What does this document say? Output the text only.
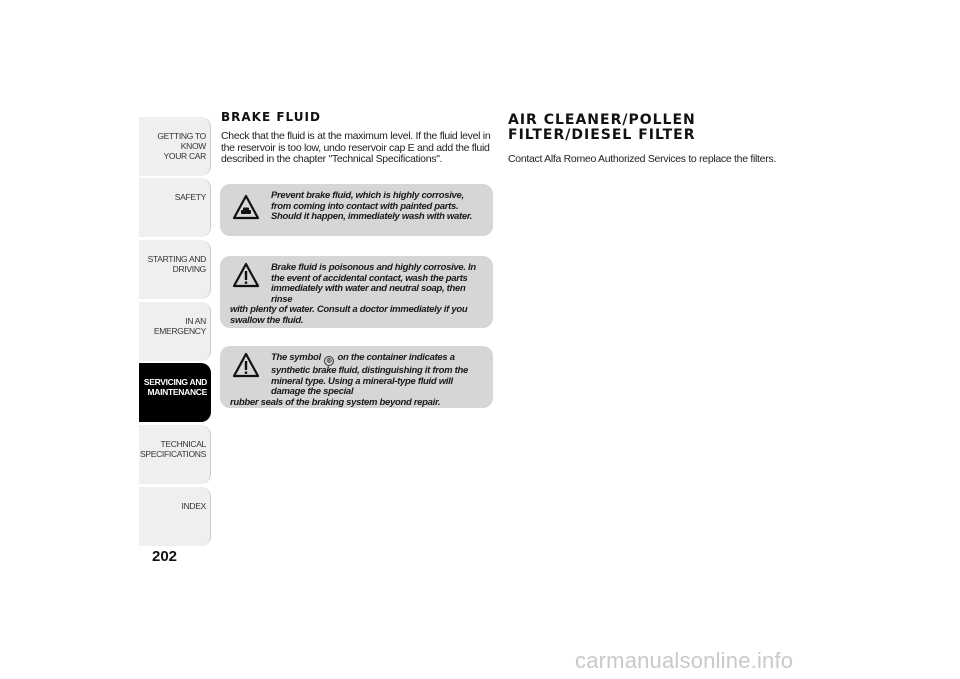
GETTING TO KNOW
YOUR CAR
SAFETY
STARTING AND
DRIVING
IN AN EMERGENCY
SERVICING AND
MAINTENANCE
TECHNICAL
SPECIFICATIONS
INDEX
202
BRAKE FLUID
Check that the fluid is at the maximum level. If the fluid level in the reservoir is too low, undo reservoir cap E and add the fluid described in the chapter "Technical Specifications".
Prevent brake fluid, which is highly corrosive, from coming into contact with painted parts. Should it happen, immediately wash with water.
Brake fluid is poisonous and highly corrosive. In the event of accidental contact, wash the parts immediately with water and neutral soap, then rinse
with plenty of water. Consult a doctor immediately if you swallow the fluid.
The symbol ◎ on the container indicates a synthetic brake fluid, distinguishing it from the mineral type. Using a mineral-type fluid will damage the special
rubber seals of the braking system beyond repair.
AIR CLEANER/POLLEN
FILTER/DIESEL FILTER
Contact Alfa Romeo Authorized Services to replace the filters.
carmanualsonline.info
